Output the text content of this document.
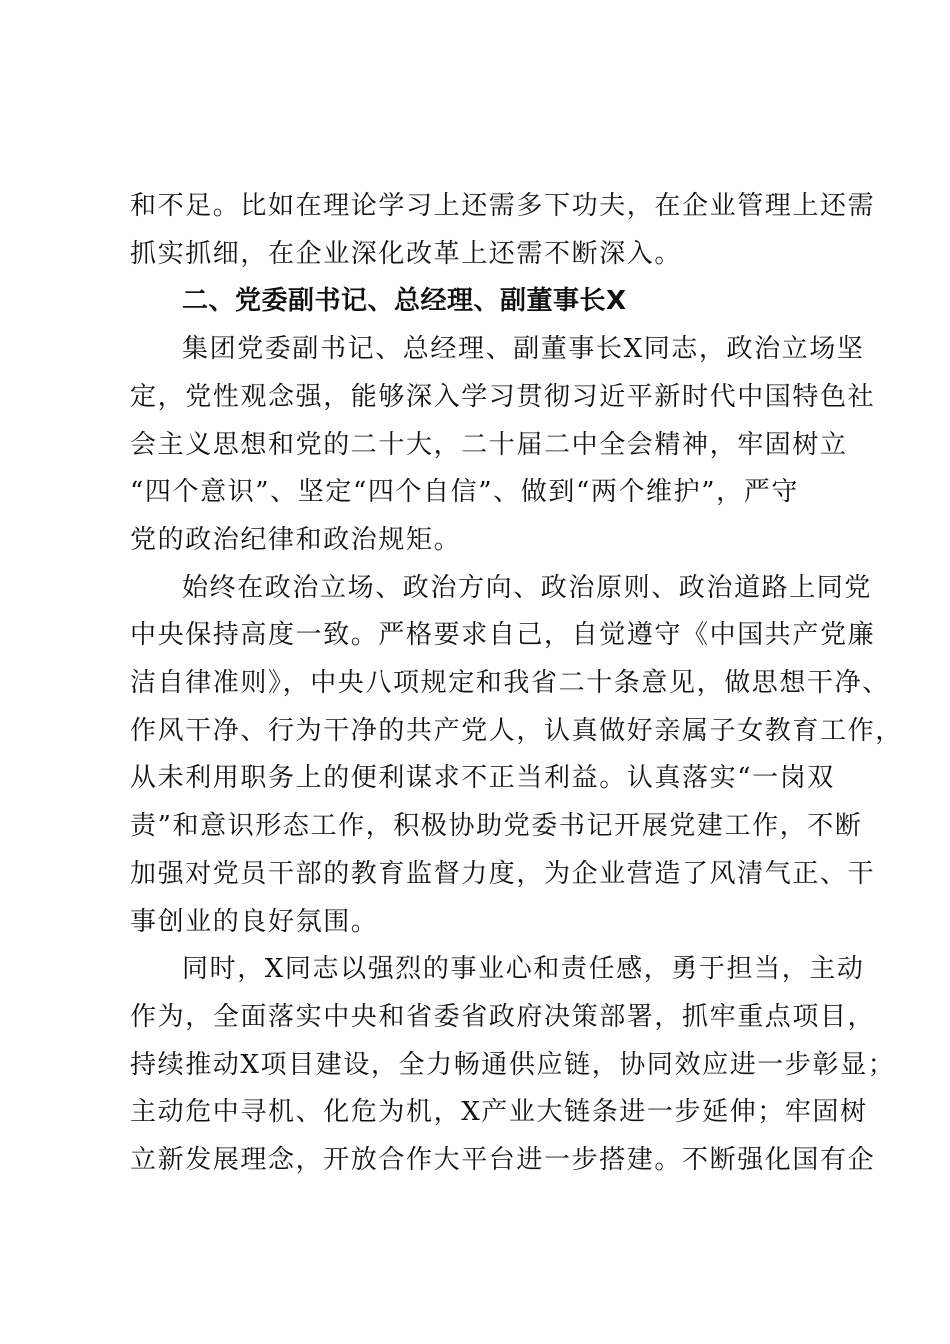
和不足。比如在理论学习上还需多下功夫，在企业管理上还需
抓实抓细，在企业深化改革上还需不断深入。

二、党委副书记、总经理、副董事长X

集团党委副书记、总经理、副董事长X同志，政治立场坚
定，党性观念强，能够深入学习贯彻习近平新时代中国特色社
会主义思想和党的二十大，二十届二中全会精神，牢固树立
“四个意识”、坚定“四个自信”、做到“两个维护”，严守
党的政治纪律和政治规矩。

始终在政治立场、政治方向、政治原则、政治道路上同党
中央保持高度一致。严格要求自己，自觉遵守《中国共产党廉
洁自律准则》，中央八项规定和我省二十条意见，做思想干净、
作风干净、行为干净的共产党人，认真做好亲属子女教育工作，
从未利用职务上的便利谋求不正当利益。认真落实“一岗双
责”和意识形态工作，积极协助党委书记开展党建工作，不断
加强对党员干部的教育监督力度，为企业营造了风清气正、干
事创业的良好氛围。

同时，X同志以强烈的事业心和责任感，勇于担当，主动
作为，全面落实中央和省委省政府决策部署，抓牢重点项目，
持续推动X项目建设，全力畅通供应链，协同效应进一步彰显；
主动危中寻机、化危为机，X产业大链条进一步延伸；牢固树
立新发展理念，开放合作大平台进一步搭建。不断强化国有企
